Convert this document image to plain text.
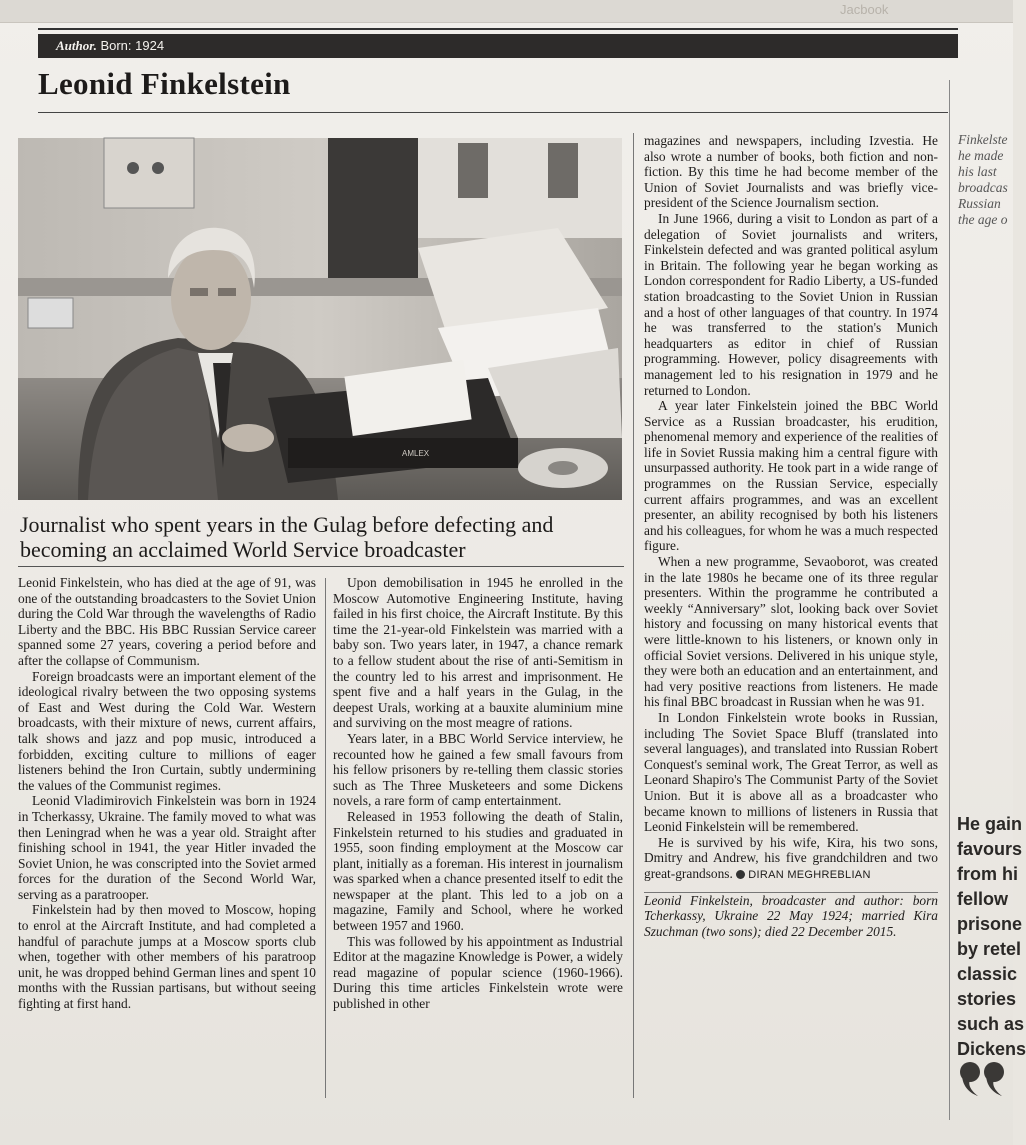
Jacbook
Author. Born: 1924
Leonid Finkelstein
AMLEX
Journalist who spent years in the Gulag before defecting and becoming an acclaimed World Service broadcaster

Leonid Finkelstein, who has died at the age of 91, was one of the outstanding broadcasters to the Soviet Union during the Cold War through the wavelengths of Radio Liberty and the BBC. His BBC Russian Service career spanned some 27 years, covering a period before and after the collapse of Communism.

Foreign broadcasts were an important element of the ideological rivalry between the two opposing systems of East and West during the Cold War. Western broadcasts, with their mixture of news, current affairs, talk shows and jazz and pop music, introduced a forbidden, exciting culture to millions of eager listeners behind the Iron Curtain, subtly undermining the values of the Communist regimes.

Leonid Vladimirovich Finkelstein was born in 1924 in Tcherkassy, Ukraine. The family moved to what was then Leningrad when he was a year old. Straight after finishing school in 1941, the year Hitler invaded the Soviet Union, he was conscripted into the Soviet armed forces for the duration of the Second World War, serving as a paratrooper.

Finkelstein had by then moved to Moscow, hoping to enrol at the Aircraft Institute, and had completed a handful of parachute jumps at a Moscow sports club when, together with other members of his paratroop unit, he was dropped behind German lines and spent 10 months with the Russian partisans, but without seeing fighting at first hand.

Upon demobilisation in 1945 he enrolled in the Moscow Automotive Engineering Institute, having failed in his first choice, the Aircraft Institute. By this time the 21-year-old Finkelstein was married with a baby son. Two years later, in 1947, a chance remark to a fellow student about the rise of anti-Semitism in the country led to his arrest and imprisonment. He spent five and a half years in the Gulag, in the deepest Urals, working at a bauxite aluminium mine and surviving on the most meagre of rations.

Years later, in a BBC World Service interview, he recounted how he gained a few small favours from his fellow prisoners by re-telling them classic stories such as The Three Musketeers and some Dickens novels, a rare form of camp entertainment.

Released in 1953 following the death of Stalin, Finkelstein returned to his studies and graduated in 1955, soon finding employment at the Moscow car plant, initially as a foreman. His interest in journalism was sparked when a chance presented itself to edit the newspaper at the plant. This led to a job on a magazine, Family and School, where he worked between 1957 and 1960.

This was followed by his appointment as Industrial Editor at the magazine Knowledge is Power, a widely read magazine of popular science (1960-1966). During this time articles Finkelstein wrote were published in other

magazines and newspapers, including Izvestia. He also wrote a number of books, both fiction and non-fiction. By this time he had become member of the Union of Soviet Journalists and was briefly vice-president of the Science Journalism section.

In June 1966, during a visit to London as part of a delegation of Soviet journalists and writers, Finkelstein defected and was granted political asylum in Britain. The following year he began working as London correspondent for Radio Liberty, a US-funded station broadcasting to the Soviet Union in Russian and a host of other languages of that country. In 1974 he was transferred to the station's Munich headquarters as editor in chief of Russian programming. However, policy disagreements with management led to his resignation in 1979 and he returned to London.

A year later Finkelstein joined the BBC World Service as a Russian broadcaster, his erudition, phenomenal memory and experience of the realities of life in Soviet Russia making him a central figure with unsurpassed authority. He took part in a wide range of programmes on the Russian Service, especially current affairs programmes, and was an excellent presenter, an ability recognised by both his listeners and his colleagues, for whom he was a much respected figure.

When a new programme, Sevaoborot, was created in the late 1980s he became one of its three regular presenters. Within the programme he contributed a weekly “Anniversary” slot, looking back over Soviet history and focussing on many historical events that were little-known to his listeners, or known only in official Soviet versions. Delivered in his unique style, they were both an education and an entertainment, and had very positive reactions from listeners. He made his final BBC broadcast in Russian when he was 91.

In London Finkelstein wrote books in Russian, including The Soviet Space Bluff (translated into several languages), and translated into Russian Robert Conquest's seminal work, The Great Terror, as well as Leonard Shapiro's The Communist Party of the Soviet Union. But it is above all as a broadcaster who became known to millions of listeners in Russia that Leonid Finkelstein will be remembered.

He is survived by his wife, Kira, his two sons, Dmitry and Andrew, his five grandchildren and two great-grandsons. DIRAN MEGHREBLIAN

Leonid Finkelstein, broadcaster and author: born Tcherkassy, Ukraine 22 May 1924; married Kira Szuchman (two sons); died 22 December 2015.

Finkelste
he made
his last
broadcas
Russian
the age o
He gain
favours
from hi
fellow
prisone
by retel
classic
stories
such as
Dickens
